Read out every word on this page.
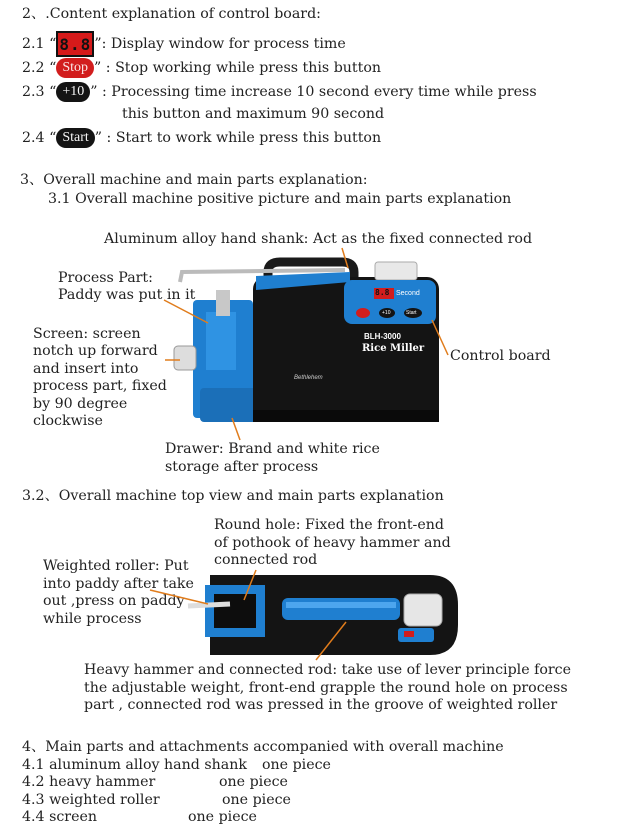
2、.Content explanation of control board:
2.1 “ 8.8 ”: Display window for process time
2.2 “ Stop ” : Stop working while press this button
2.3 “ +10 ” : Processing time increase 10 second every time while press
this button and maximum 90 second
2.4 “ Start ” : Start to work while press this button
3、Overall machine and main parts explanation:
3.1 Overall machine positive picture and main parts explanation
8.8 Second
+10	Start
BLH-3000
Rice Miller
Bethlehem
Aluminum alloy hand shank: Act as the fixed connected rod
Process Part:
Paddy was put in it
Screen: screen
notch up forward
and insert into
process part, fixed
by 90 degree
clockwise
Control board
Drawer: Brand and white rice
storage after process
3.2、Overall machine top view and main parts explanation
Round hole: Fixed the front-end
of pothook of heavy hammer and
connected rod
Weighted roller: Put
into paddy after take
out ,press on paddy
while process
Heavy hammer and connected rod: take use of lever principle force
the adjustable weight, front-end grapple the round hole on process
part , connected rod was pressed in the groove of weighted roller
4、Main parts and attachments accompanied with overall machine
4.1 aluminum alloy hand shank one piece
4.2 heavy hammer	one piece
4.3 weighted roller	one piece
4.4 screen	one piece
